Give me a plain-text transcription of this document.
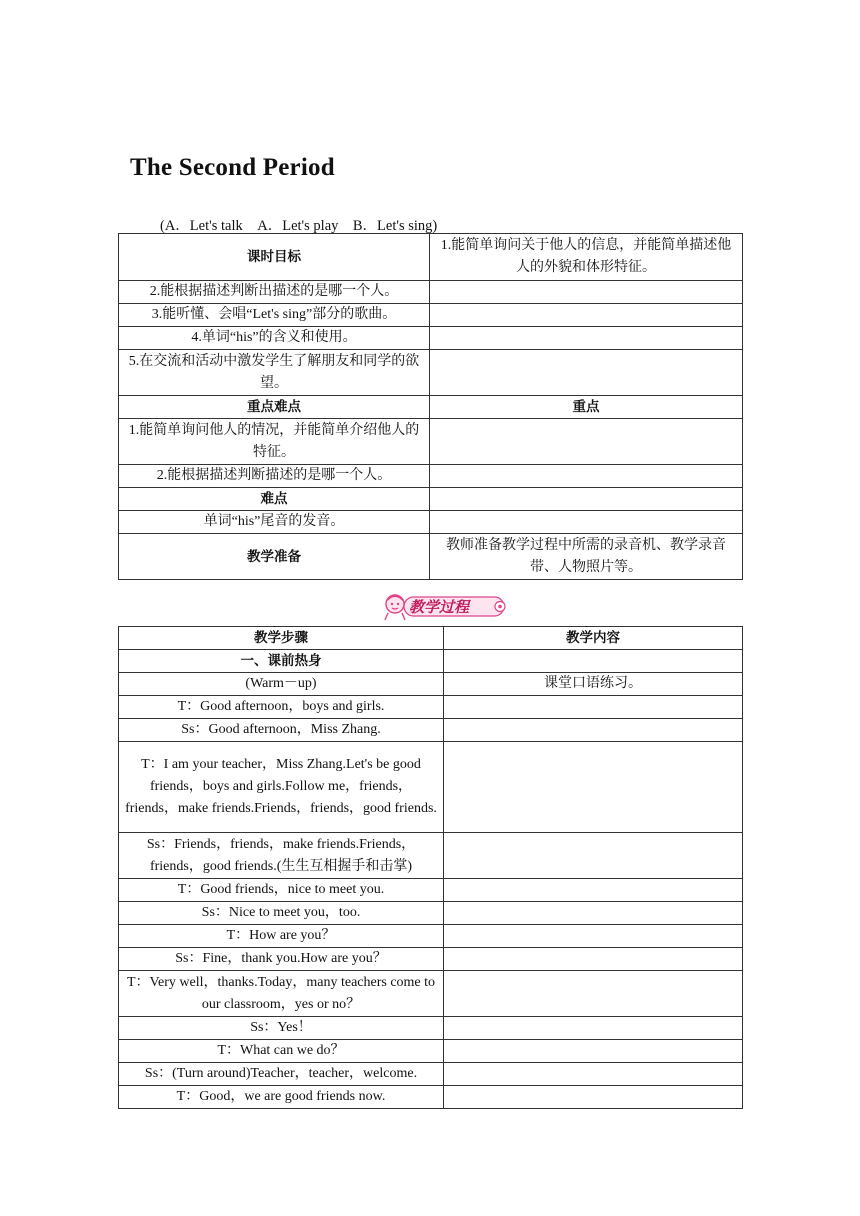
The Second Period
(A．Let's talk　A．Let's play　B．Let's sing)
课时目标	1.能简单询问关于他人的信息，并能简单描述他人的外貌和体形特征。
2.能根据描述判断出描述的是哪一个人。	
3.能听懂、会唱“Let's sing”部分的歌曲。	
4.单词“his”的含义和使用。	
5.在交流和活动中激发学生了解朋友和同学的欲望。	
重点难点	重点
1.能简单询问他人的情况，并能简单介绍他人的特征。	
2.能根据描述判断描述的是哪一个人。	
难点	
单词“his”尾音的发音。	
教学准备	教师准备教学过程中所需的录音机、教学录音带、人物照片等。
教学过程
教学步骤	教学内容
一、课前热身	
(Warm－up)	课堂口语练习。
T：Good afternoon，boys and girls.	
Ss：Good afternoon，Miss Zhang.	
T：I am your teacher，Miss Zhang.Let's be good friends，boys and girls.Follow me，friends，friends，make friends.Friends，friends，good friends.	
Ss：Friends，friends，make friends.Friends，friends，good friends.(生生互相握手和击掌)	
T：Good friends，nice to meet you.	
Ss：Nice to meet you，too.	
T：How are you？	
Ss：Fine，thank you.How are you？	
T：Very well，thanks.Today，many teachers come to our classroom，yes or no？	
Ss：Yes！	
T：What can we do？	
Ss：(Turn around)Teacher，teacher，welcome.	
T：Good，we are good friends now.	
